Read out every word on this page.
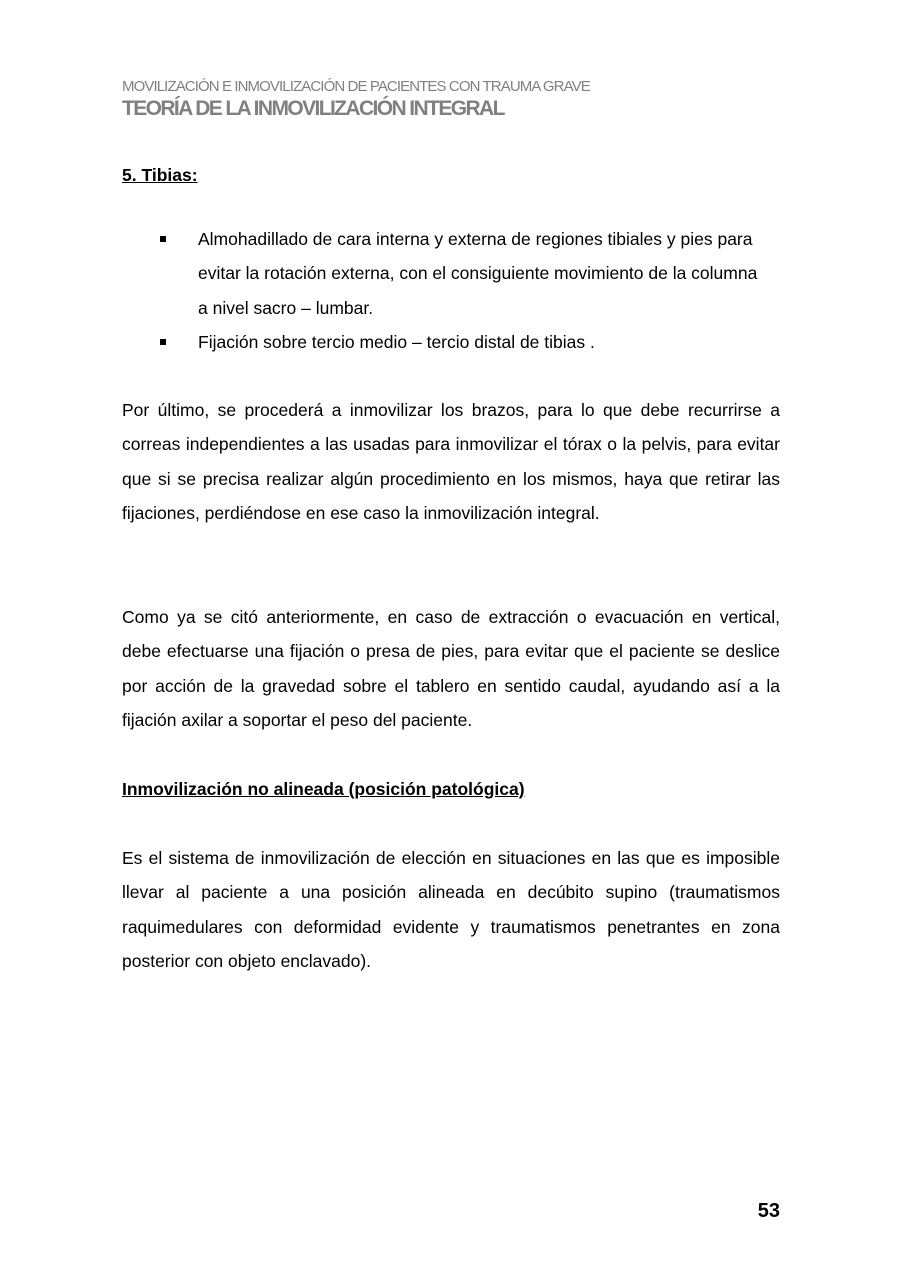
MOVILIZACIÓN E INMOVILIZACIÓN DE PACIENTES CON TRAUMA GRAVE
TEORÍA DE LA INMOVILIZACIÓN INTEGRAL
5. Tibias:
Almohadillado de cara interna y externa de regiones tibiales y pies para evitar la rotación externa, con el consiguiente movimiento de la columna a nivel sacro – lumbar.
Fijación sobre tercio medio – tercio distal de tibias .

Por último, se procederá a inmovilizar los brazos, para lo que debe recurrirse a correas independientes a las usadas para inmovilizar el tórax o la pelvis, para evitar que si se precisa realizar algún procedimiento en los mismos, haya que retirar las fijaciones, perdiéndose en ese caso la inmovilización integral.

Como ya se citó anteriormente, en caso de extracción o evacuación en vertical, debe efectuarse una fijación o presa de pies, para evitar que el paciente se deslice por acción de la gravedad sobre el tablero en sentido caudal, ayudando así a la fijación axilar a soportar el peso del paciente.

Inmovilización no alineada (posición patológica)

Es el sistema de inmovilización de elección en situaciones en las que es imposible llevar al paciente a una posición alineada en decúbito supino (traumatismos raquimedulares con deformidad evidente y traumatismos penetrantes en zona posterior con objeto enclavado).

53
